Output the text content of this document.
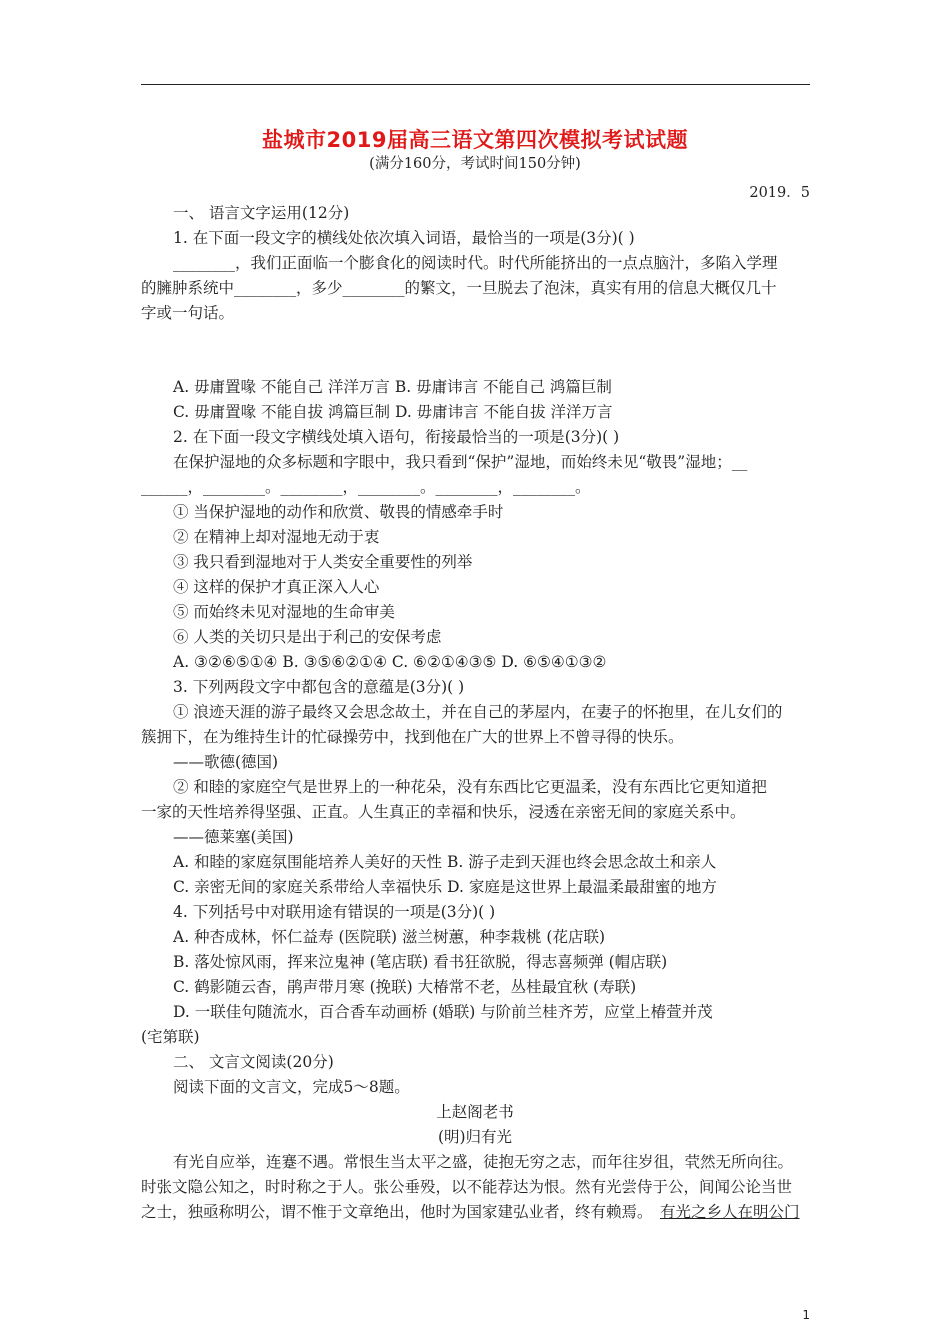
盐城市2019届高三语文第四次模拟考试试题
(满分160分，考试时间150分钟)
2019．5
一、 语言文字运用(12分)
1. 在下面一段文字的横线处依次填入词语，最恰当的一项是(3分)( )
________，我们正面临一个膨食化的阅读时代。时代所能挤出的一点点脑汁，多陷入学理
的臃肿系统中________，多少________的繁文，一旦脱去了泡沫，真实有用的信息大概仅几十
字或一句话。
A. 毋庸置喙 不能自己 洋洋万言 B. 毋庸讳言 不能自己 鸿篇巨制
C. 毋庸置喙 不能自拔 鸿篇巨制 D. 毋庸讳言 不能自拔 洋洋万言
2. 在下面一段文字横线处填入语句，衔接最恰当的一项是(3分)( )
在保护湿地的众多标题和字眼中，我只看到“保护”湿地，而始终未见“敬畏”湿地；__
______，________。________，________。________，________。
① 当保护湿地的动作和欣赏、敬畏的情感牵手时
② 在精神上却对湿地无动于衷
③ 我只看到湿地对于人类安全重要性的列举
④ 这样的保护才真正深入人心
⑤ 而始终未见对湿地的生命审美
⑥ 人类的关切只是出于利己的安保考虑
A. ③②⑥⑤①④ B. ③⑤⑥②①④ C. ⑥②①④③⑤ D. ⑥⑤④①③②
3. 下列两段文字中都包含的意蕴是(3分)( )
① 浪迹天涯的游子最终又会思念故土，并在自己的茅屋内，在妻子的怀抱里，在儿女们的
簇拥下，在为维持生计的忙碌操劳中，找到他在广大的世界上不曾寻得的快乐。
——歌德(德国)
② 和睦的家庭空气是世界上的一种花朵，没有东西比它更温柔，没有东西比它更知道把
一家的天性培养得坚强、正直。人生真正的幸福和快乐，浸透在亲密无间的家庭关系中。
——德莱塞(美国)
A. 和睦的家庭氛围能培养人美好的天性 B. 游子走到天涯也终会思念故土和亲人
C. 亲密无间的家庭关系带给人幸福快乐 D. 家庭是这世界上最温柔最甜蜜的地方
4. 下列括号中对联用途有错误的一项是(3分)( )
A. 种杏成林，怀仁益寿 (医院联) 滋兰树蕙，种李栽桃 (花店联)
B. 落处惊风雨，挥来泣鬼神 (笔店联) 看书狂欲脱，得志喜频弹 (帽店联)
C. 鹤影随云杳，鹃声带月寒 (挽联) 大椿常不老，丛桂最宜秋 (寿联)
D. 一联佳句随流水，百合香车动画桥 (婚联) 与阶前兰桂齐芳，应堂上椿萱并茂
(宅第联)
二、 文言文阅读(20分)
阅读下面的文言文，完成5～8题。
上赵阁老书
(明)归有光
有光自应举，连蹇不遇。常恨生当太平之盛，徒抱无穷之志，而年往岁徂，茕然无所向往。
时张文隐公知之，时时称之于人。张公垂殁，以不能荐达为恨。然有光尝侍于公，间闻公论当世
之士，独亟称明公，谓不惟于文章绝出，他时为国家建弘业者，终有赖焉。 有光之乡人在明公门
1
